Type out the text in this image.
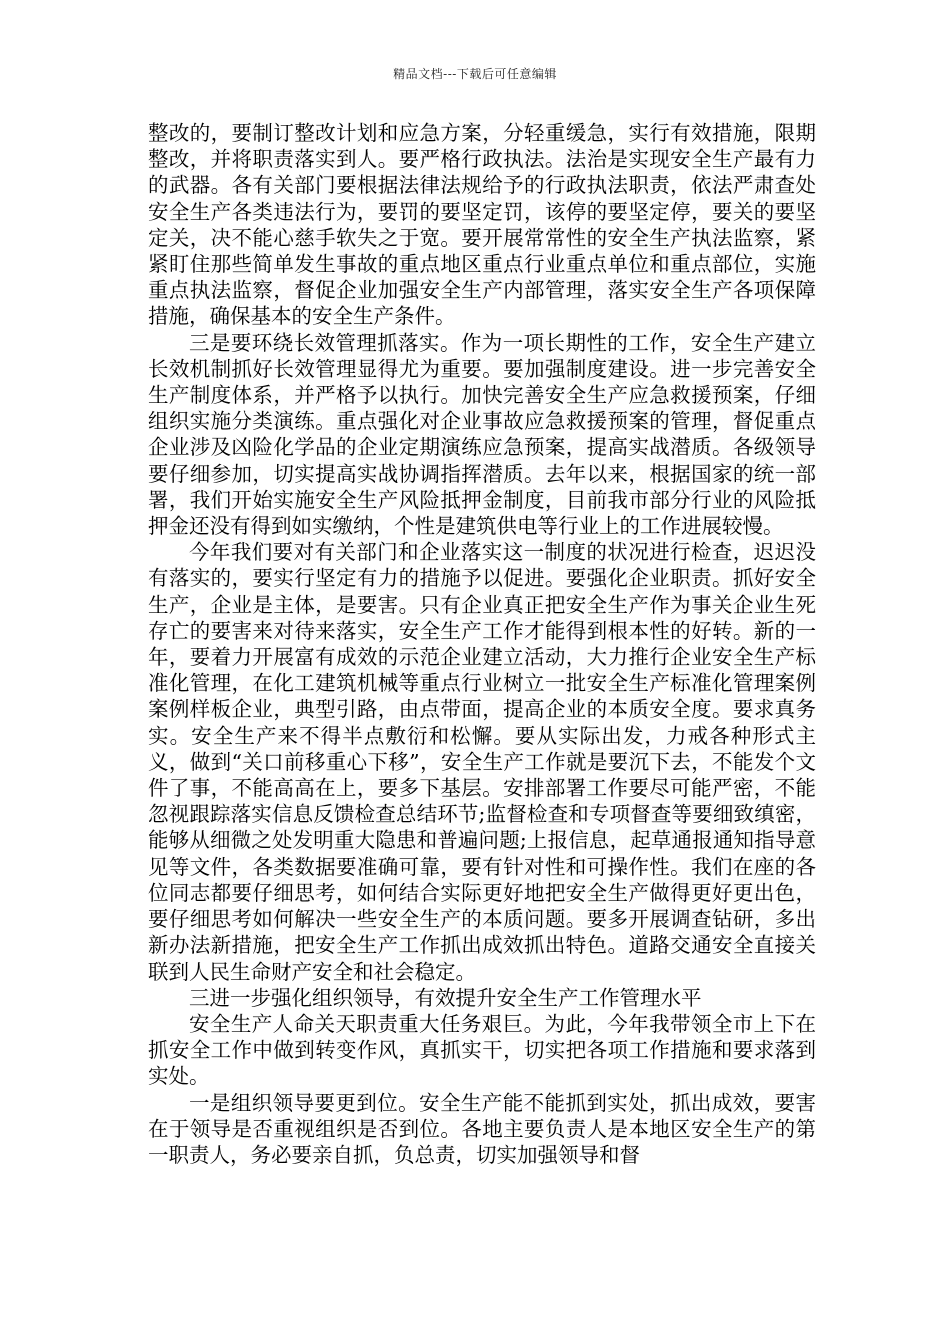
精品文档---下载后可任意编辑

整改的，要制订整改计划和应急方案，分轻重缓急，实行有效措施，限期整改，并将职责落实到人。要严格行政执法。法治是实现安全生产最有力的武器。各有关部门要根据法律法规给予的行政执法职责，依法严肃查处安全生产各类违法行为，要罚的要坚定罚，该停的要坚定停，要关的要坚定关，决不能心慈手软失之于宽。要开展常常性的安全生产执法监察，紧紧盯住那些简单发生事故的重点地区重点行业重点单位和重点部位，实施重点执法监察，督促企业加强安全生产内部管理，落实安全生产各项保障措施，确保基本的安全生产条件。

三是要环绕长效管理抓落实。作为一项长期性的工作，安全生产建立长效机制抓好长效管理显得尤为重要。要加强制度建设。进一步完善安全生产制度体系，并严格予以执行。加快完善安全生产应急救援预案，仔细组织实施分类演练。重点强化对企业事故应急救援预案的管理，督促重点企业涉及凶险化学品的企业定期演练应急预案，提高实战潜质。各级领导要仔细参加，切实提高实战协调指挥潜质。去年以来，根据国家的统一部署，我们开始实施安全生产风险抵押金制度，目前我市部分行业的风险抵押金还没有得到如实缴纳，个性是建筑供电等行业上的工作进展较慢。

今年我们要对有关部门和企业落实这一制度的状况进行检查，迟迟没有落实的，要实行坚定有力的措施予以促进。要强化企业职责。抓好安全生产，企业是主体，是要害。只有企业真正把安全生产作为事关企业生死存亡的要害来对待来落实，安全生产工作才能得到根本性的好转。新的一年，要着力开展富有成效的示范企业建立活动，大力推行企业安全生产标准化管理，在化工建筑机械等重点行业树立一批安全生产标准化管理案例案例样板企业，典型引路，由点带面，提高企业的本质安全度。要求真务实。安全生产来不得半点敷衍和松懈。要从实际出发，力戒各种形式主义，做到“关口前移重心下移”，安全生产工作就是要沉下去，不能发个文件了事，不能高高在上，要多下基层。安排部署工作要尽可能严密，不能忽视跟踪落实信息反馈检查总结环节;监督检查和专项督查等要细致缜密，能够从细微之处发明重大隐患和普遍问题;上报信息，起草通报通知指导意见等文件，各类数据要准确可靠，要有针对性和可操作性。我们在座的各位同志都要仔细思考，如何结合实际更好地把安全生产做得更好更出色，要仔细思考如何解决一些安全生产的本质问题。要多开展调查钻研，多出新办法新措施，把安全生产工作抓出成效抓出特色。道路交通安全直接关联到人民生命财产安全和社会稳定。

三进一步强化组织领导，有效提升安全生产工作管理水平

安全生产人命关天职责重大任务艰巨。为此，今年我带领全市上下在抓安全工作中做到转变作风，真抓实干，切实把各项工作措施和要求落到实处。

一是组织领导要更到位。安全生产能不能抓到实处，抓出成效，要害在于领导是否重视组织是否到位。各地主要负责人是本地区安全生产的第一职责人，务必要亲自抓，负总责，切实加强领导和督
